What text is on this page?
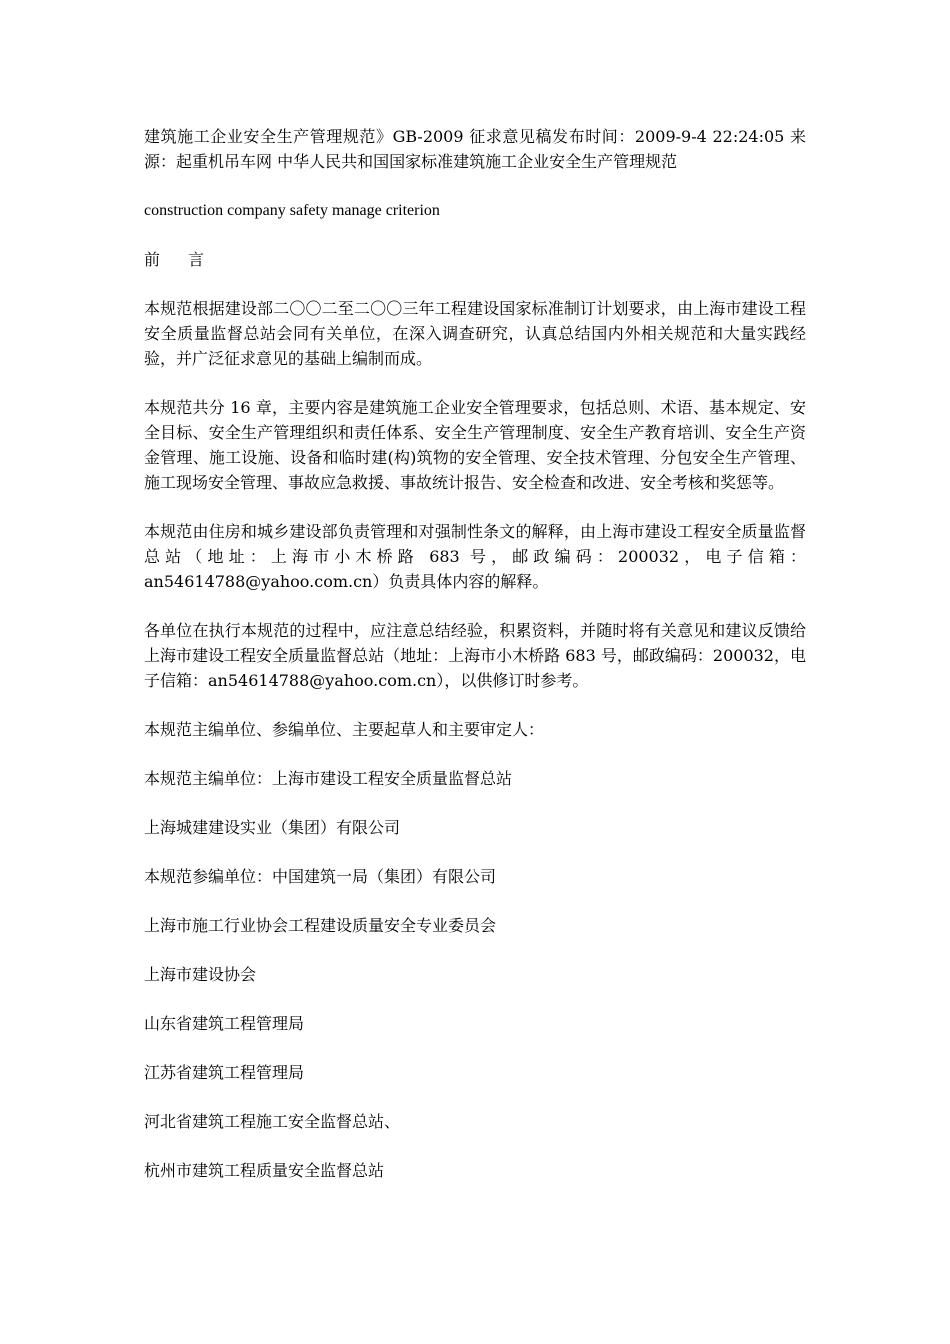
建筑施工企业安全生产管理规范》GB-2009 征求意见稿发布时间：2009-9-4 22:24:05 来源：起重机吊车网 中华人民共和国国家标准建筑施工企业安全生产管理规范

construction company safety manage criterion

前 言

本规范根据建设部二〇〇二至二〇〇三年工程建设国家标准制订计划要求，由上海市建设工程安全质量监督总站会同有关单位，在深入调查研究，认真总结国内外相关规范和大量实践经验，并广泛征求意见的基础上编制而成。

本规范共分 16 章，主要内容是建筑施工企业安全管理要求，包括总则、术语、基本规定、安全目标、安全生产管理组织和责任体系、安全生产管理制度、安全生产教育培训、安全生产资金管理、施工设施、设备和临时建(构)筑物的安全管理、安全技术管理、分包安全生产管理、施工现场安全管理、事故应急救援、事故统计报告、安全检查和改进、安全考核和奖惩等。

本规范由住房和城乡建设部负责管理和对强制性条文的解释，由上海市建设工程安全质量监督总站（地址：上海市小木桥路 683 号，邮政编码：200032，电子信箱：an54614788@yahoo.com.cn）负责具体内容的解释。

各单位在执行本规范的过程中，应注意总结经验，积累资料，并随时将有关意见和建议反馈给上海市建设工程安全质量监督总站（地址：上海市小木桥路 683 号，邮政编码：200032，电子信箱：an54614788@yahoo.com.cn），以供修订时参考。

本规范主编单位、参编单位、主要起草人和主要审定人：

本规范主编单位：上海市建设工程安全质量监督总站

上海城建建设实业（集团）有限公司

本规范参编单位：中国建筑一局（集团）有限公司

上海市施工行业协会工程建设质量安全专业委员会

上海市建设协会

山东省建筑工程管理局

江苏省建筑工程管理局

河北省建筑工程施工安全监督总站、

杭州市建筑工程质量安全监督总站
